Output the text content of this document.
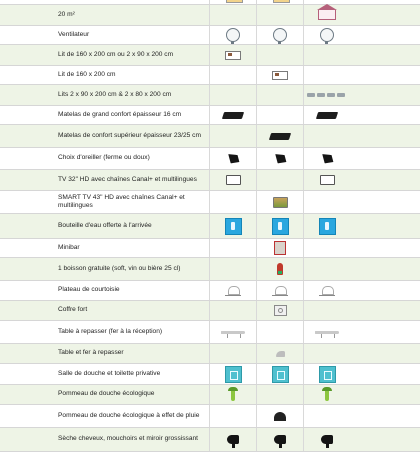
20 m²
Ventilateur
Lit de 160 x 200 cm ou 2 x 90 x 200 cm
Lit de 160 x 200 cm
Lits 2 x 90 x 200 cm & 2 x 80 x 200 cm
Matelas de grand confort épaisseur 16 cm
Matelas de confort supérieur épaisseur 23/25 cm
Choix d'oreiller (ferme ou doux)
TV 32" HD avec chaînes Canal+ et multilingues
SMART TV 43" HD avec chaînes Canal+ et multilingues
Bouteille d'eau offerte à l'arrivée
Minibar
1 boisson gratuite (soft, vin ou bière 25 cl)
Plateau de courtoisie
Coffre fort
Table à repasser (fer à la réception)
Table et fer à repasser
Salle de douche et toilette privative
Pommeau de douche écologique
Pommeau de douche écologique à effet de pluie
Sèche cheveux, mouchoirs et miroir grossissant
